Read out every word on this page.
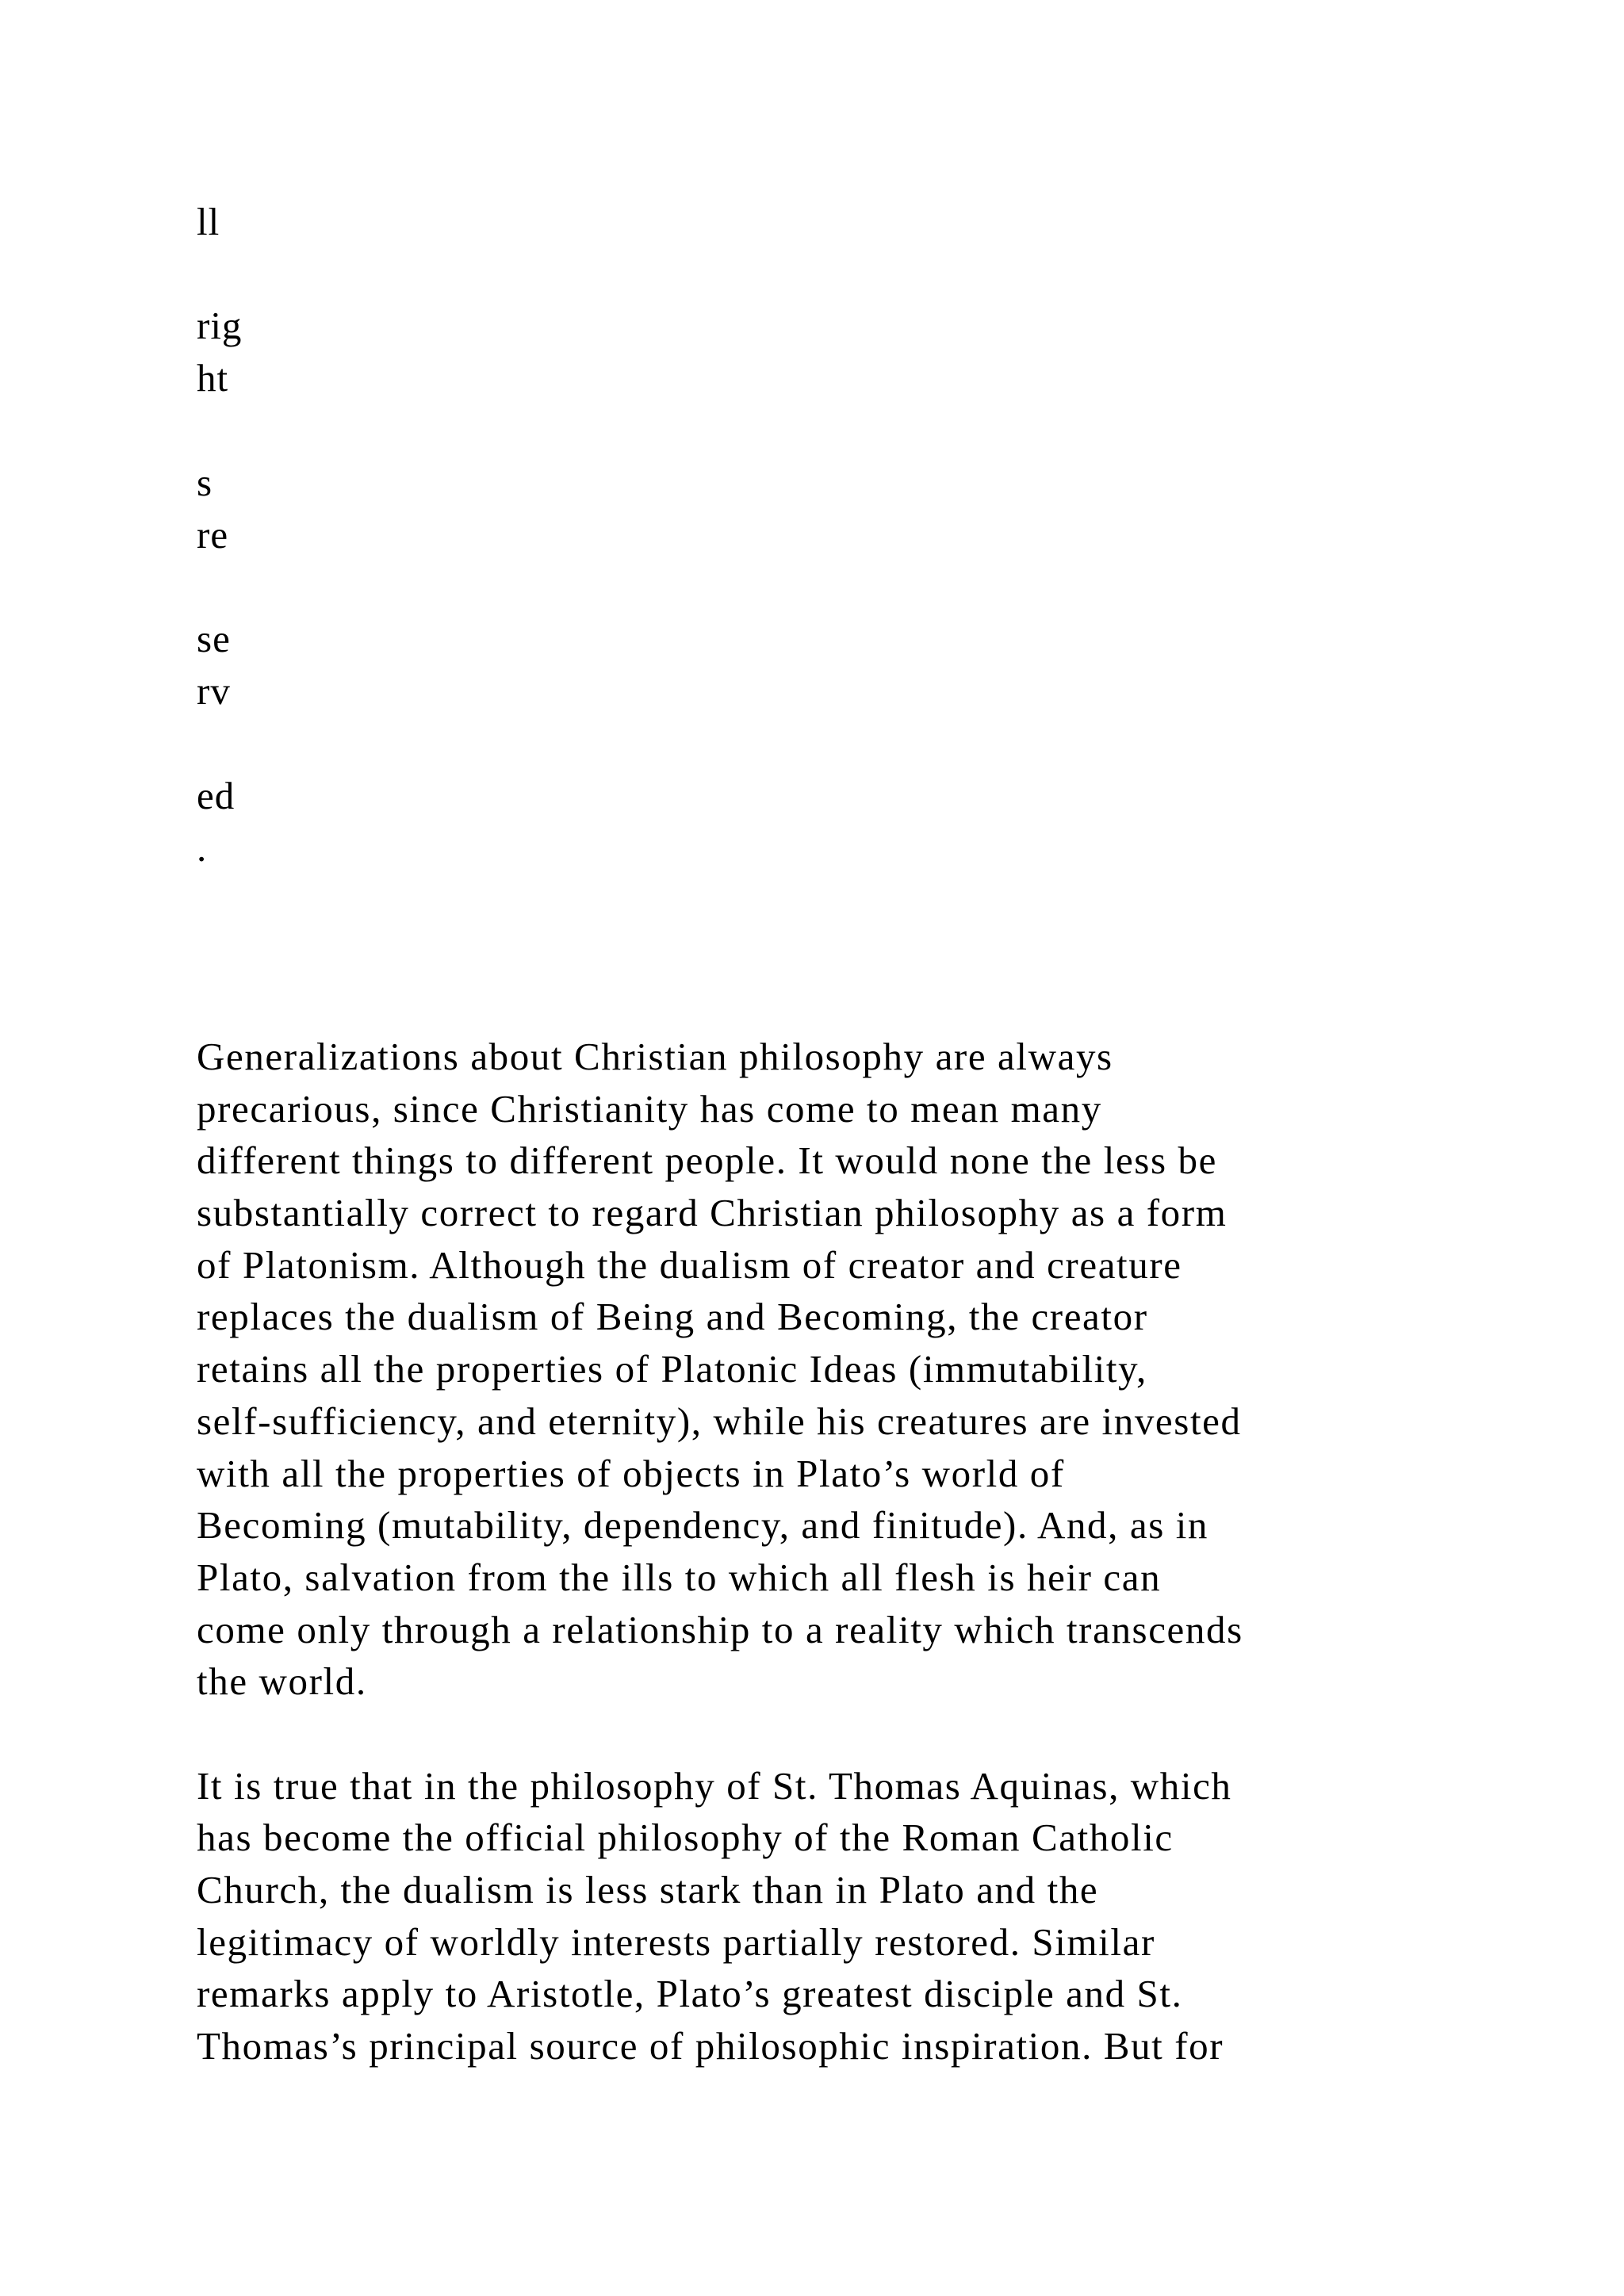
ll
rig
ht
s
re
se
rv
ed
.
Generalizations about Christian philosophy are always
precarious, since Christianity has come to mean many
different things to different people. It would none the less be
substantially correct to regard Christian philosophy as a form
of Platonism. Although the dualism of creator and creature
replaces the dualism of Being and Becoming, the creator
retains all the properties of Platonic Ideas (immutability,
self-sufficiency, and eternity), while his creatures are invested
with all the properties of objects in Plato’s world of
Becoming (mutability, dependency, and finitude). And, as in
Plato, salvation from the ills to which all flesh is heir can
come only through a relationship to a reality which transcends
the world.
It is true that in the philosophy of St. Thomas Aquinas, which
has become the official philosophy of the Roman Catholic
Church, the dualism is less stark than in Plato and the
legitimacy of worldly interests partially restored. Similar
remarks apply to Aristotle, Plato’s greatest disciple and St.
Thomas’s principal source of philosophic inspiration. But for
